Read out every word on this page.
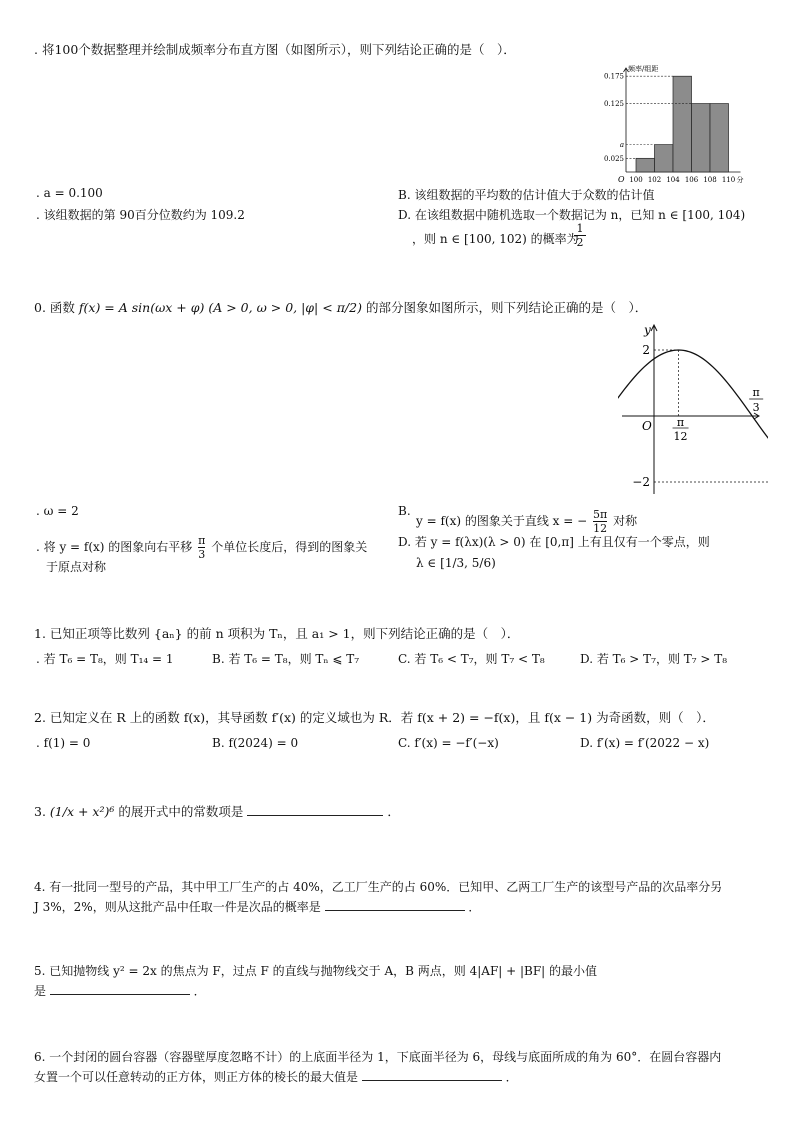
. 将100个数据整理并绘制成频率分布直方图（如图所示），则下列结论正确的是（　）．
频率/组距
O
0.175
0.125
a
0.025
100 102 104 106 108 110 分
. a = 0.100	B. 该组数据的平均数的估计值大于众数的估计值
. 该组数据的第 90百分位数约为 109.2	D. 在该组数据中随机选取一个数据记为 n，已知 n ∈ [100, 104)
，则 n ∈ [100, 102) 的概率为
$\frac{1}{2}$
0. 函数 f(x) = A sin(ωx + φ) (A > 0, ω > 0, |φ| < π/2) 的部分图象如图所示，则下列结论正确的是（　）．
y
O
2
−2
π
12
π
3
. ω = 2	B.
y = f(x) 的图象关于直线 x = − $\frac{5\pi}{12}$ 对称
. 将 y = f(x) 的图象向右平移 $\frac{\pi}{3}$ 个单位长度后，得到的图象关
于原点对称
D. 若 y = f(λx)(λ > 0) 在 [0,π] 上有且仅有一个零点，则
λ ∈ [1/3, 5/6)
1. 已知正项等比数列 {aₙ} 的前 n 项积为 Tₙ，且 a₁ > 1，则下列结论正确的是（　）．
. 若 T₆ = T₈，则 T₁₄ = 1	B. 若 T₆ = T₈，则 Tₙ ⩽ T₇	C. 若 T₆ < T₇，则 T₇ < T₈	D. 若 T₆ > T₇，则 T₇ > T₈
2. 已知定义在 R 上的函数 f(x)，其导函数 f′(x) 的定义域也为 R．若 f(x + 2) = −f(x)，且 f(x − 1) 为奇函数，则（　）．
. f(1) = 0	B. f(2024) = 0	C. f′(x) = −f′(−x)	D. f′(x) = f′(2022 − x)
3. (1/x + x²)⁶ 的展开式中的常数项是	．
4. 有一批同一型号的产品，其中甲工厂生产的占 40%，乙工厂生产的占 60%．已知甲、乙两工厂生产的该型号产品的次品率分另
J 3%，2%，则从这批产品中任取一件是次品的概率是	．
5. 已知抛物线 y² = 2x 的焦点为 F，过点 F 的直线与抛物线交于 A，B 两点，则 4|AF| + |BF| 的最小值
是	．
6. 一个封闭的圆台容器（容器壁厚度忽略不计）的上底面半径为 1，下底面半径为 6，母线与底面所成的角为 60°．在圆台容器内
女置一个可以任意转动的正方体，则正方体的棱长的最大值是	．
